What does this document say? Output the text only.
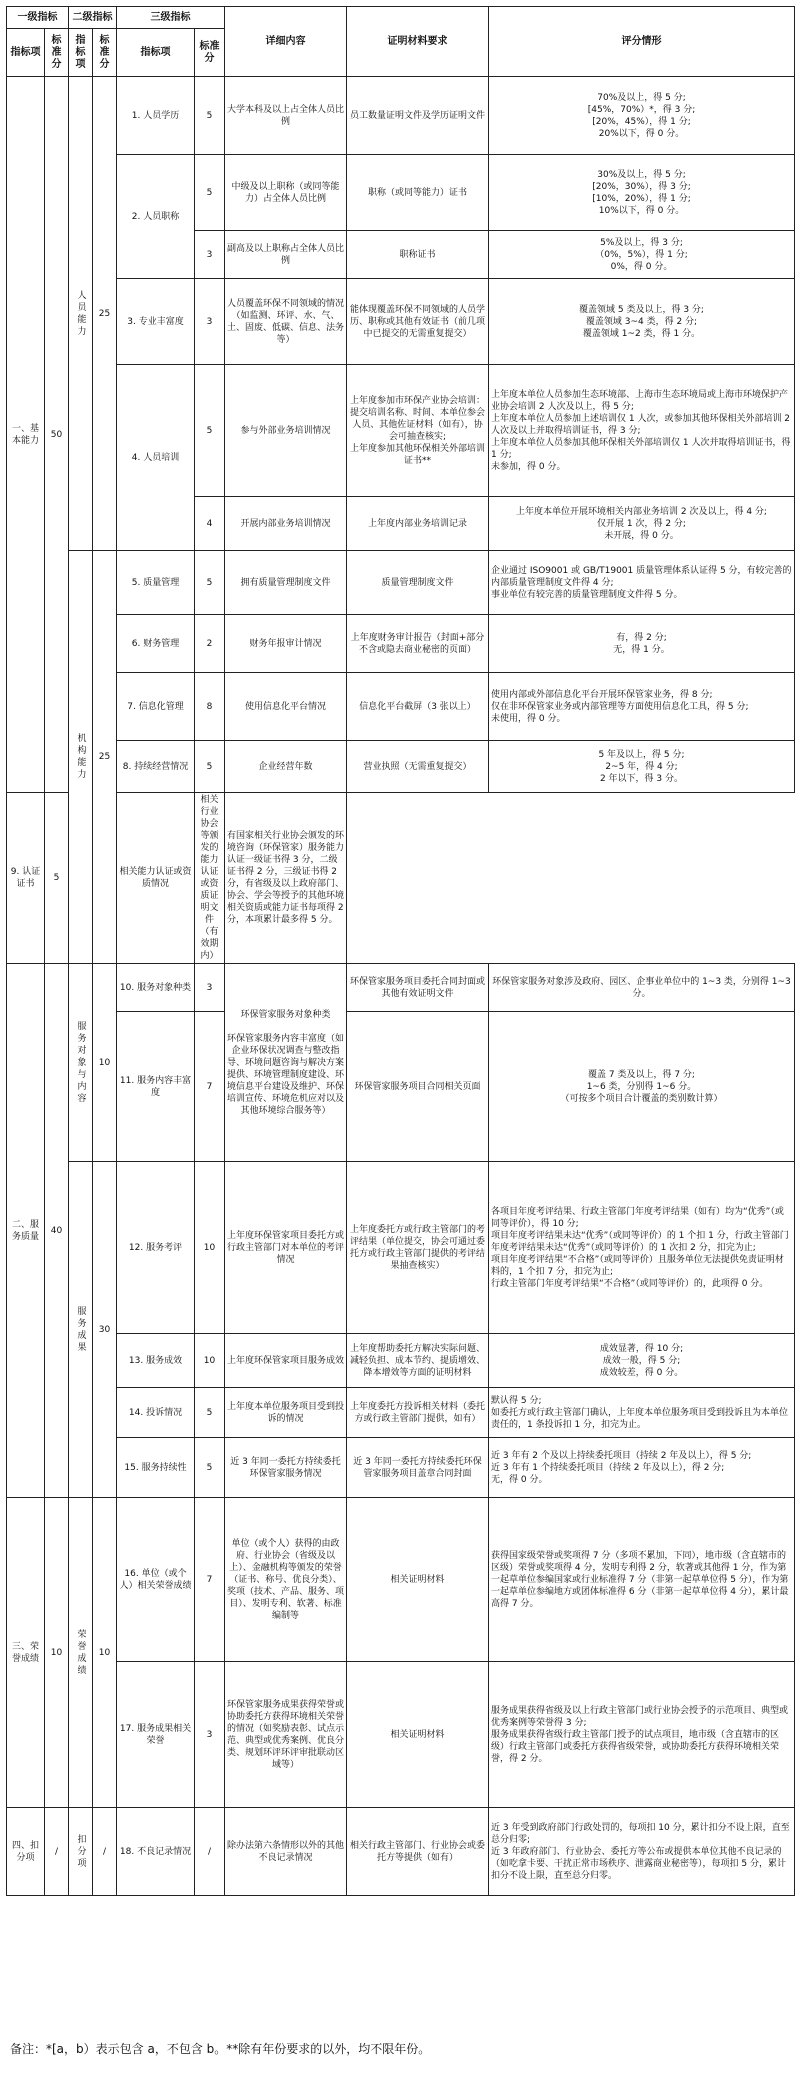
一级指标		二级指标		三级指标		详细内容	证明材料要求	评分情形
指标项	标准分	指标项	标准分	指标项	标准分			
一、基本能力	50	人员能力	25	1. 人员学历	5	大学本科及以上占全体人员比例	员工数量证明文件及学历证明文件	70%及以上，得 5 分;
[45%，70%）*，得 3 分;
[20%，45%），得 1 分;
20%以下，得 0 分。
				2. 人员职称	5	中级及以上职称（或同等能力）占全体人员比例	职称（或同等能力）证书	30%及以上，得 5 分;
[20%，30%），得 3 分;
[10%，20%），得 1 分;
10%以下，得 0 分。
					3	副高及以上职称占全体人员比例	职称证书	5%及以上，得 3 分;
（0%，5%），得 1 分;
0%，得 0 分。
				3. 专业丰富度	3	人员覆盖环保不同领域的情况（如监测、环评、水、气、土、固废、低碳、信息、法务等）	能体现覆盖环保不同领域的人员学历、职称或其他有效证书（前几项中已提交的无需重复提交）	覆盖领域 5 类及以上，得 3 分;
覆盖领域 3~4 类，得 2 分;
覆盖领域 1~2 类，得 1 分。
				4. 人员培训	5	参与外部业务培训情况	上年度参加市环保产业协会培训：提交培训名称、时间、本单位参会人员、其他佐证材料（如有），协会可抽查核实;
上年度参加其他环保相关外部培训证书**	上年度本单位人员参加生态环境部、上海市生态环境局或上海市环境保护产业协会培训 2 人次及以上，得 5 分;
上年度本单位人员参加上述培训仅 1 人次，或参加其他环保相关外部培训 2 人次及以上并取得培训证书，得 3 分;
上年度本单位人员参加其他环保相关外部培训仅 1 人次并取得培训证书，得 1 分;
未参加，得 0 分。
					4	开展内部业务培训情况	上年度内部业务培训记录	上年度本单位开展环境相关内部业务培训 2 次及以上，得 4 分;
仅开展 1 次，得 2 分;
未开展，得 0 分。
		机构能力	25	5. 质量管理	5	拥有质量管理制度文件	质量管理制度文件	企业通过 ISO9001 或 GB/T19001 质量管理体系认证得 5 分，有较完善的内部质量管理制度文件得 4 分;
事业单位有较完善的质量管理制度文件得 5 分。
				6. 财务管理	2	财务年报审计情况	上年度财务审计报告（封面+部分不含或隐去商业秘密的页面）	有，得 2 分;
无，得 1 分。
				7. 信息化管理	8	使用信息化平台情况	信息化平台截屏（3 张以上）	使用内部或外部信息化平台开展环保管家业务，得 8 分;
仅在非环保管家业务或内部管理等方面使用信息化工具，得 5 分;
未使用，得 0 分。
				8. 持续经营情况	5	企业经营年数	营业执照（无需重复提交）	5 年及以上，得 5 分;
2~5 年，得 4 分;
2 年以下，得 3 分。
9. 认证证书	5			相关能力认证或资质情况	相关行业协会等颁发的能力认证或资质证明文件（有效期内）	有国家相关行业协会颁发的环境咨询（环保管家）服务能力认证一级证书得 3 分，二级证书得 2 分，三级证书得 2 分，有省级及以上政府部门、协会、学会等授予的其他环境相关资质或能力证书每项得 2 分，本项累计最多得 5 分。		
二、服务质量	40	服务对象与内容	10	10. 服务对象种类	3	环保管家服务对象种类

环保管家服务内容丰富度（如企业环保状况调查与整改指导、环境问题咨询与解决方案提供、环境管理制度建设、环境信息平台建设及维护、环保培训宣传、环境危机应对以及其他环境综合服务等）	环保管家服务项目委托合同封面或其他有效证明文件	环保管家服务对象涉及政府、园区、企事业单位中的 1~3 类，分别得 1~3 分。
				11. 服务内容丰富度	7		环保管家服务项目合同相关页面	覆盖 7 类及以上，得 7 分;
1~6 类，分别得 1~6 分。
（可按多个项目合计覆盖的类别数计算）
		服务成果	30	12. 服务考评	10	上年度环保管家项目委托方或行政主管部门对本单位的考评情况	上年度委托方或行政主管部门的考评结果（单位提交，协会可通过委托方或行政主管部门提供的考评结果抽查核实）	各项目年度考评结果、行政主管部门年度考评结果（如有）均为“优秀”（或同等评价），得 10 分;
项目年度考评结果未达“优秀”（或同等评价）的 1 个扣 1 分，行政主管部门年度考评结果未达“优秀”（或同等评价）的 1 次扣 2 分，扣完为止;
项目年度考评结果“不合格”（或同等评价）且服务单位无法提供免责证明材料的，1 个扣 7 分，扣完为止;
行政主管部门年度考评结果“不合格”（或同等评价）的，此项得 0 分。
				13. 服务成效	10	上年度环保管家项目服务成效	上年度帮助委托方解决实际问题、减轻负担、成本节约、提质增效、降本增效等方面的证明材料	成效显著，得 10 分;
成效一般，得 5 分;
成效较差，得 0 分。
				14. 投诉情况	5	上年度本单位服务项目受到投诉的情况	上年度委托方投诉相关材料（委托方或行政主管部门提供，如有）	默认得 5 分;
如委托方或行政主管部门确认，上年度本单位服务项目受到投诉且为本单位责任的，1 条投诉扣 1 分，扣完为止。
				15. 服务持续性	5	近 3 年同一委托方持续委托环保管家服务情况	近 3 年同一委托方持续委托环保管家服务项目盖章合同封面	近 3 年有 2 个及以上持续委托项目（持续 2 年及以上），得 5 分;
近 3 年有 1 个持续委托项目（持续 2 年及以上），得 2 分;
无，得 0 分。
三、荣誉成绩	10	荣誉成绩	10	16. 单位（或个人）相关荣誉成绩	7	单位（或个人）获得的由政府、行业协会（省级及以上）、金融机构等颁发的荣誉（证书、称号、优良分类）、奖项（技术、产品、服务、项目）、发明专利、软著、标准编制等	相关证明材料	获得国家级荣誉或奖项得 7 分（多项不累加，下同），地市级（含直辖市的区级）荣誉或奖项得 4 分，发明专利得 2 分，软著或其他得 1 分，作为第一起草单位参编国家或行业标准得 7 分（非第一起草单位得 5 分），作为第一起草单位参编地方或团体标准得 6 分（非第一起草单位得 4 分），累计最高得 7 分。
				17. 服务成果相关荣誉	3	环保管家服务成果获得荣誉或协助委托方获得环境相关荣誉的情况（如奖励表彰、试点示范、典型或优秀案例、优良分类、规划环评环评审批联动区域等）	相关证明材料	服务成果获得省级及以上行政主管部门或行业协会授予的示范项目、典型或优秀案例等荣誉得 3 分;
服务成果获得省级行政主管部门授予的试点项目，地市级（含直辖市的区级）行政主管部门或委托方获得省级荣誉，或协助委托方获得环境相关荣誉，得 2 分。
四、扣分项	/	扣分项	/	18. 不良记录情况	/	除办法第六条情形以外的其他不良记录情况	相关行政主管部门、行业协会或委托方等提供（如有）	近 3 年受到政府部门行政处罚的，每项扣 10 分，累计扣分不设上限，直至总分归零;
近 3 年政府部门、行业协会、委托方等公布或提供本单位其他不良记录的（如吃拿卡要、干扰正常市场秩序、泄露商业秘密等），每项扣 5 分，累计扣分不设上限，直至总分归零。
备注：*[a，b）表示包含 a，不包含 b。**除有年份要求的以外，均不限年份。
